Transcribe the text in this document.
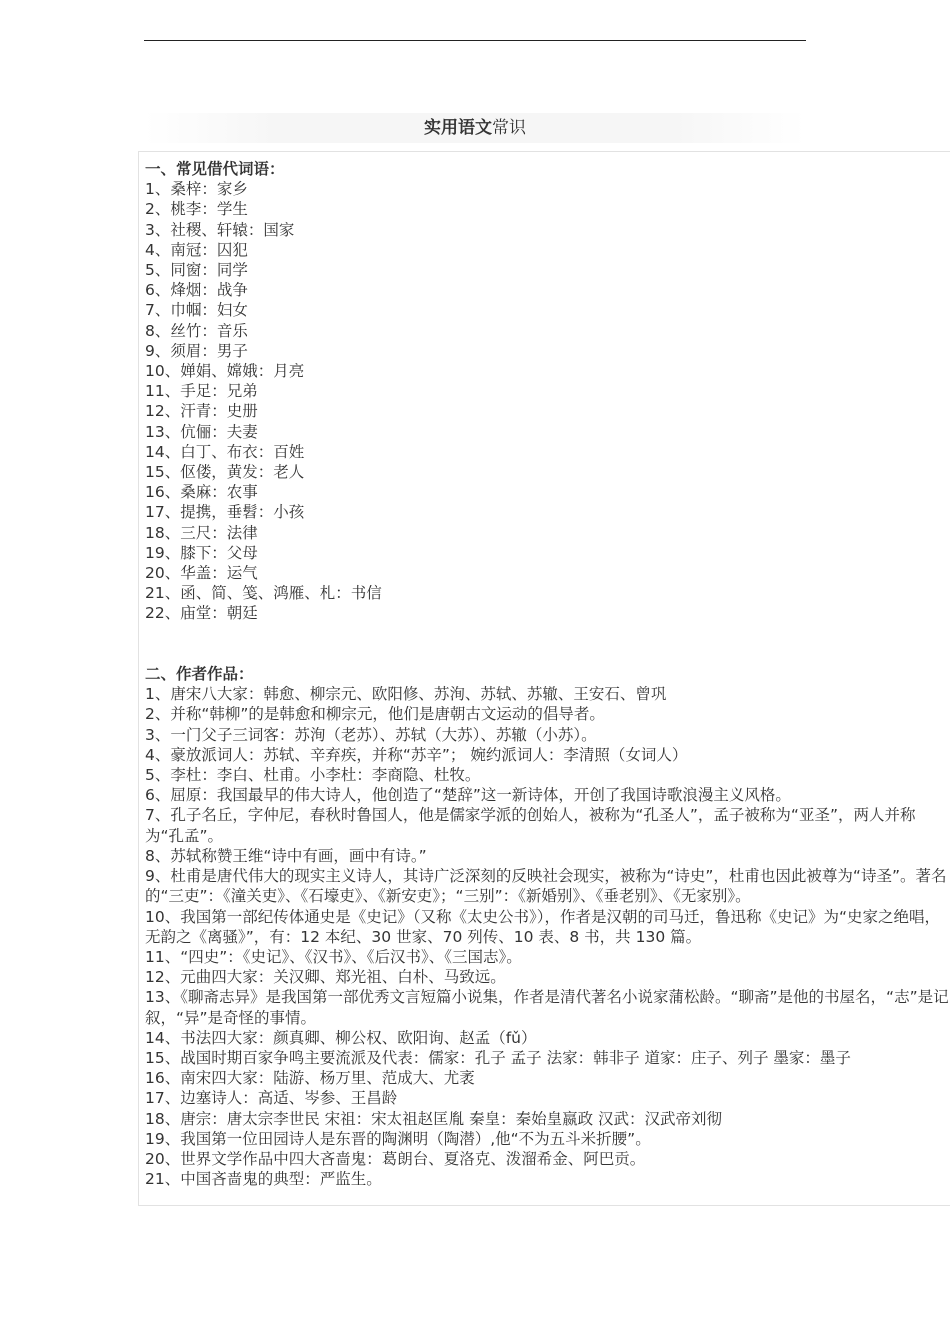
实用语文常识
一、常见借代词语：
1、桑梓：家乡
2、桃李：学生
3、社稷、轩辕：国家
4、南冠：囚犯
5、同窗：同学
6、烽烟：战争
7、巾帼：妇女
8、丝竹：音乐
9、须眉：男子
10、婵娟、嫦娥：月亮
11、手足：兄弟
12、汗青：史册
13、伉俪：夫妻
14、白丁、布衣：百姓
15、伛偻，黄发：老人
16、桑麻：农事
17、提携，垂髫：小孩
18、三尺：法律
19、膝下：父母
20、华盖：运气
21、函、简、笺、鸿雁、札：书信
22、庙堂：朝廷
二、作者作品：
1、唐宋八大家：韩愈、柳宗元、欧阳修、苏洵、苏轼、苏辙、王安石、曾巩
2、并称“韩柳”的是韩愈和柳宗元，他们是唐朝古文运动的倡导者。
3、一门父子三词客：苏洵（老苏）、苏轼（大苏）、苏辙（小苏）。
4、豪放派词人：苏轼、辛弃疾，并称“苏辛”； 婉约派词人：李清照（女词人）
5、李杜：李白、杜甫。小李杜：李商隐、杜牧。
6、屈原：我国最早的伟大诗人，他创造了“楚辞”这一新诗体，开创了我国诗歌浪漫主义风格。
7、孔子名丘，字仲尼，春秋时鲁国人，他是儒家学派的创始人，被称为“孔圣人”，孟子被称为“亚圣”，两人并称为“孔孟”。
8、苏轼称赞王维“诗中有画，画中有诗。”
9、杜甫是唐代伟大的现实主义诗人，其诗广泛深刻的反映社会现实，被称为“诗史”，杜甫也因此被尊为“诗圣”。著名的“三吏”：《潼关吏》、《石壕吏》、《新安吏》；“三别”：《新婚别》、《垂老别》、《无家别》。
10、我国第一部纪传体通史是《史记》（又称《太史公书》），作者是汉朝的司马迁，鲁迅称《史记》为“史家之绝唱，无韵之《离骚》”，有：12 本纪、30 世家、70 列传、10 表、8 书，共 130 篇。
11、“四史”：《史记》、《汉书》、《后汉书》、《三国志》。
12、元曲四大家：关汉卿、郑光祖、白朴、马致远。
13、《聊斋志异》是我国第一部优秀文言短篇小说集，作者是清代著名小说家蒲松龄。“聊斋”是他的书屋名，“志”是记叙，“异”是奇怪的事情。
14、书法四大家：颜真卿、柳公权、欧阳询、赵孟（fǔ）
15、战国时期百家争鸣主要流派及代表：儒家：孔子 孟子 法家：韩非子 道家：庄子、列子 墨家：墨子
16、南宋四大家：陆游、杨万里、范成大、尤袤
17、边塞诗人：高适、岑参、王昌龄
18、唐宗：唐太宗李世民 宋祖：宋太祖赵匡胤 秦皇：秦始皇嬴政 汉武：汉武帝刘彻
19、我国第一位田园诗人是东晋的陶渊明（陶潜）,他“不为五斗米折腰”。
20、世界文学作品中四大吝啬鬼：葛朗台、夏洛克、泼溜希金、阿巴贡。
21、中国吝啬鬼的典型：严监生。
